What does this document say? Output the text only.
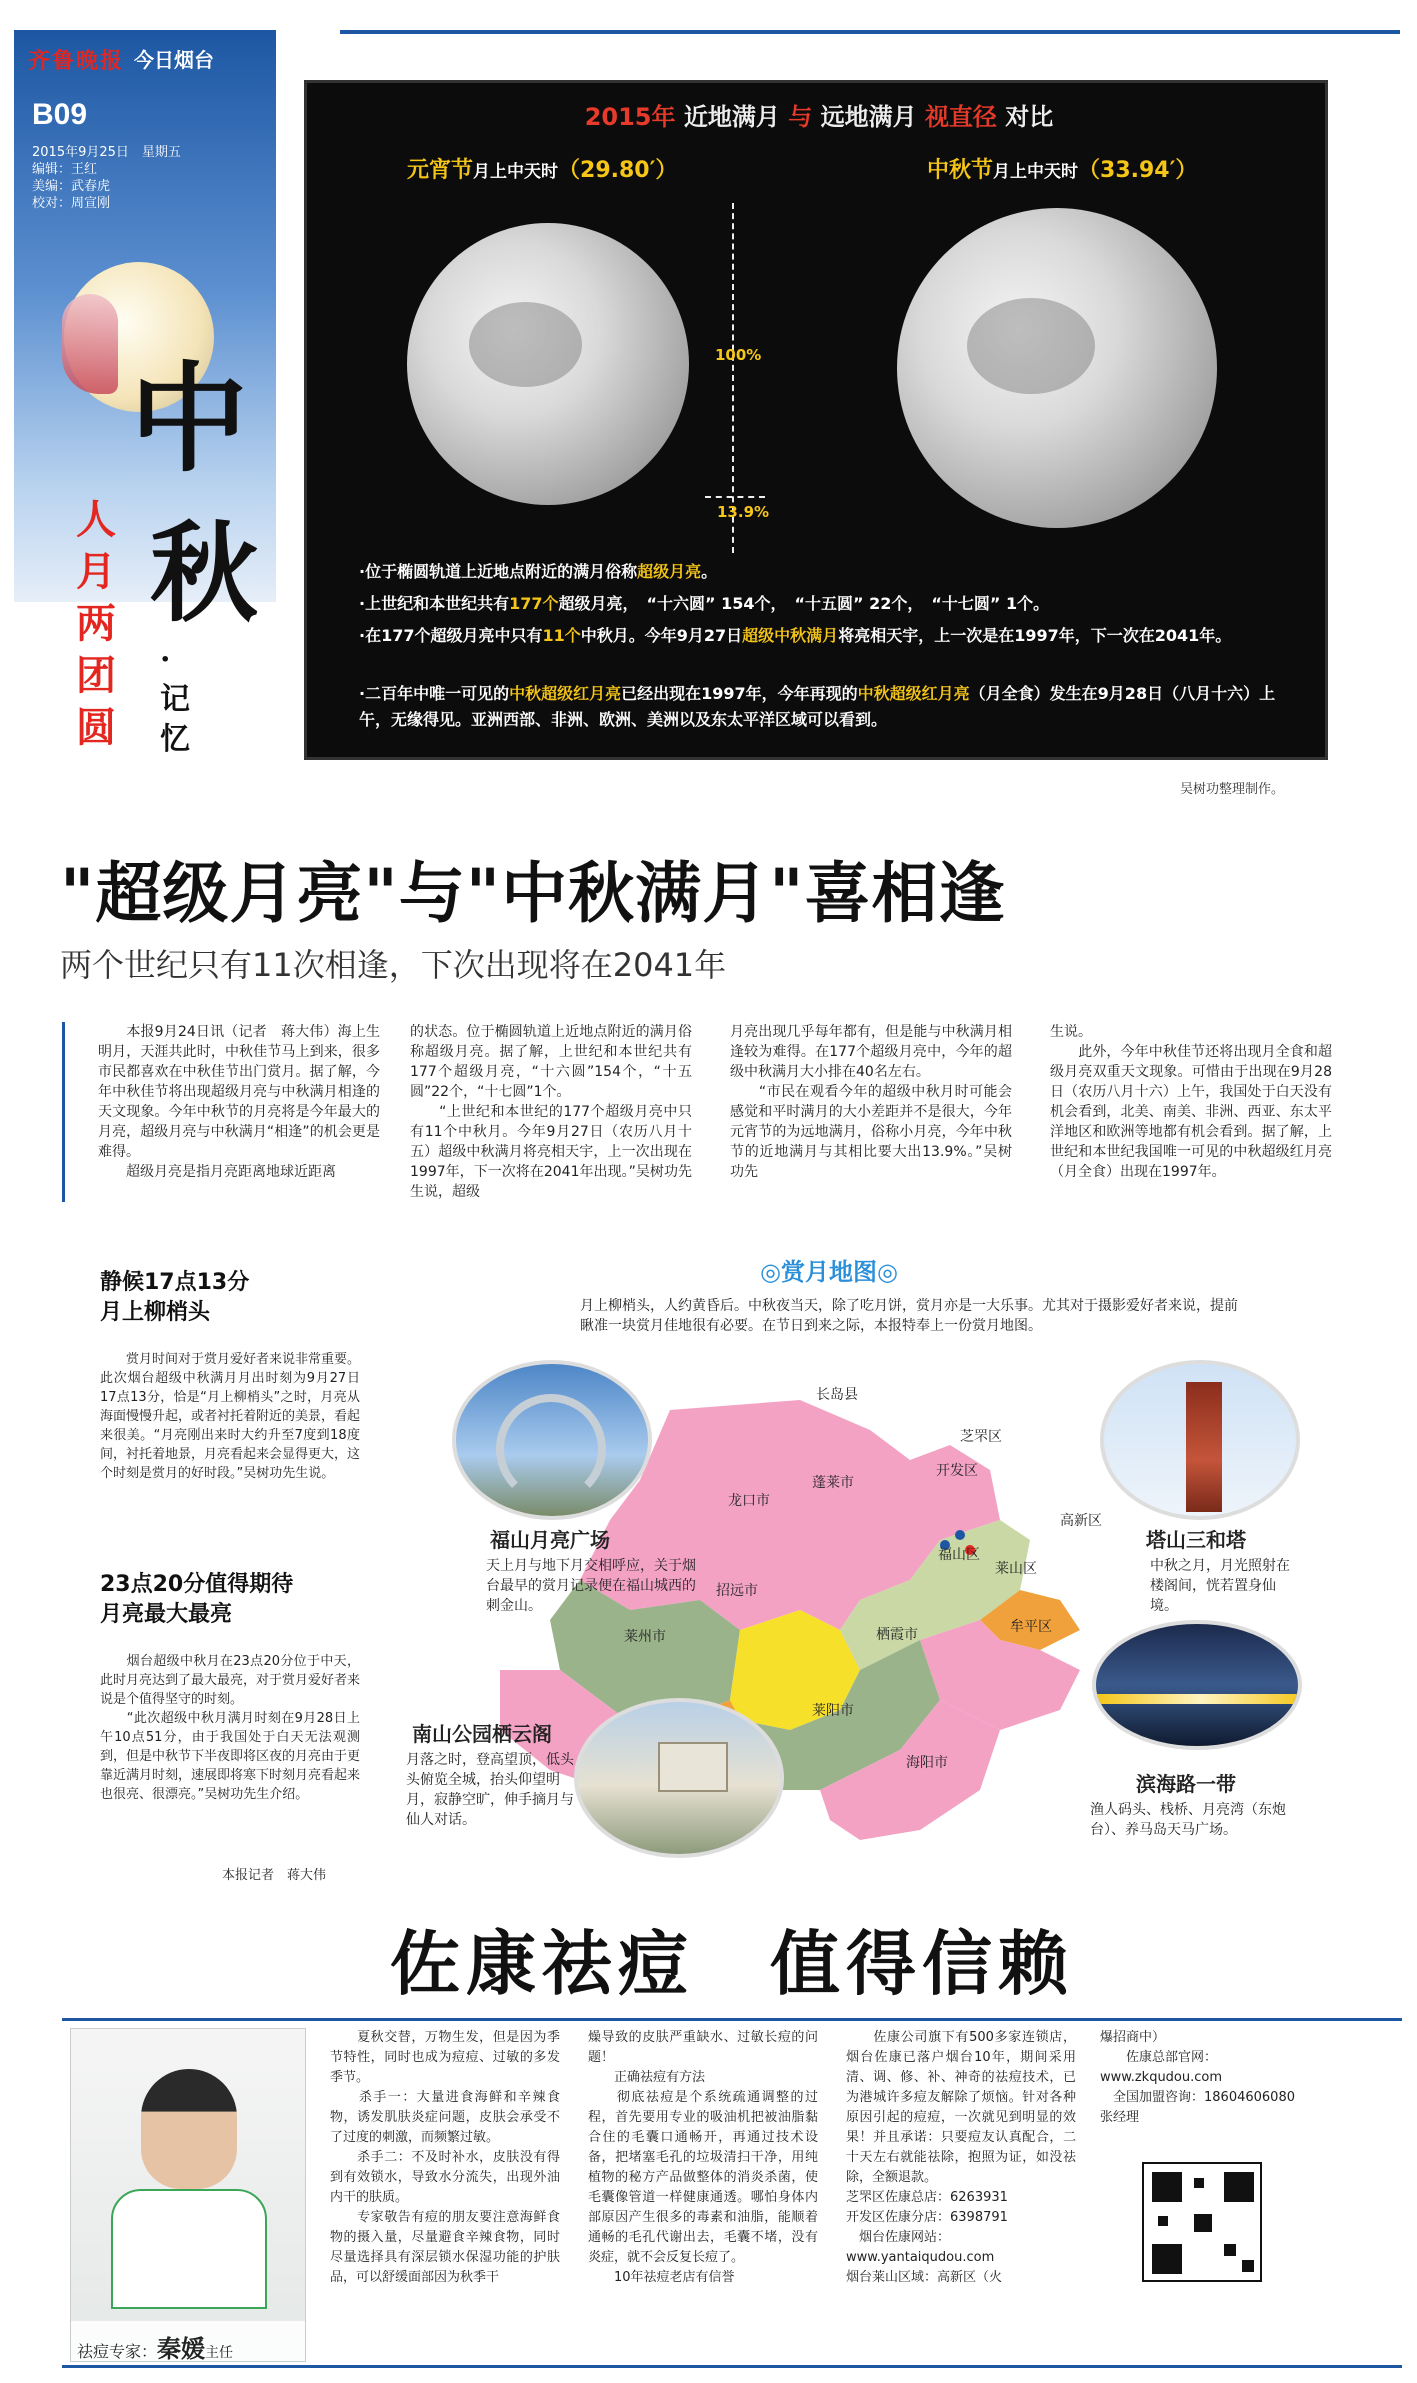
齐鲁晚报 今日烟台
B09
2015年9月25日　星期五
编辑：王红
美编：武春虎
校对：周宣刚
中
秋
·记忆
人月两团圆
2015年 近地满月 与 远地满月 视直径 对比
元宵节月上中天时（29.80′）	中秋节月上中天时（33.94′）
100%
13.9%
·位于椭圆轨道上近地点附近的满月俗称超级月亮。
·上世纪和本世纪共有177个超级月亮，　“十六圆” 154个，　“十五圆” 22个，　“十七圆” 1个。
·在177个超级月亮中只有11个中秋月。今年9月27日超级中秋满月将亮相天宇，上一次是在1997年，下一次在2041年。
·二百年中唯一可见的中秋超级红月亮已经出现在1997年，今年再现的中秋超级红月亮（月全食）发生在9月28日（八月十六）上午，无缘得见。亚洲西部、非洲、欧洲、美洲以及东太平洋区域可以看到。
吴树功整理制作。
"超级月亮"与"中秋满月"喜相逢
两个世纪只有11次相逢，下次出现将在2041年
　　本报9月24日讯（记者　蒋大伟）海上生明月，天涯共此时，中秋佳节马上到来，很多市民都喜欢在中秋佳节出门赏月。据了解，今年中秋佳节将出现超级月亮与中秋满月相逢的天文现象。今年中秋节的月亮将是今年最大的月亮，超级月亮与中秋满月“相逢”的机会更是难得。
　　超级月亮是指月亮距离地球近距离
的状态。位于椭圆轨道上近地点附近的满月俗称超级月亮。据了解，上世纪和本世纪共有177个超级月亮，“十六圆”154个，“十五圆”22个，“十七圆”1个。
　　“上世纪和本世纪的177个超级月亮中只有11个中秋月。今年9月27日（农历八月十五）超级中秋满月将亮相天宇，上一次出现在1997年，下一次将在2041年出现。”吴树功先生说，超级
月亮出现几乎每年都有，但是能与中秋满月相逢较为难得。在177个超级月亮中，今年的超级中秋满月大小排在40名左右。
　　“市民在观看今年的超级中秋月时可能会感觉和平时满月的大小差距并不是很大，今年元宵节的为远地满月，俗称小月亮，今年中秋节的近地满月与其相比要大出13.9%。”吴树功先
生说。
　　此外，今年中秋佳节还将出现月全食和超级月亮双重天文现象。可惜由于出现在9月28日（农历八月十六）上午，我国处于白天没有机会看到，北美、南美、非洲、西亚、东太平洋地区和欧洲等地都有机会看到。据了解，上世纪和本世纪我国唯一可见的中秋超级红月亮（月全食）出现在1997年。
静候17点13分
月上柳梢头
　　赏月时间对于赏月爱好者来说非常重要。此次烟台超级中秋满月月出时刻为9月27日17点13分，恰是“月上柳梢头”之时，月亮从海面慢慢升起，或者衬托着附近的美景，看起来很美。“月亮刚出来时大约升至7度到18度间，衬托着地景，月亮看起来会显得更大，这个时刻是赏月的好时段。”吴树功先生说。
23点20分值得期待
月亮最大最亮
　　烟台超级中秋月在23点20分位于中天，此时月亮达到了最大最亮，对于赏月爱好者来说是个值得坚守的时刻。
　　“此次超级中秋月满月时刻在9月28日上午10点51分，由于我国处于白天无法观测到，但是中秋节下半夜即将区夜的月亮由于更靠近满月时刻，速展即将寒下时刻月亮看起来也很亮、很漂亮。”吴树功先生介绍。
本报记者　蒋大伟
◎赏月地图◎
月上柳梢头，人约黄昏后。中秋夜当天，除了吃月饼，赏月亦是一大乐事。尤其对于摄影爱好者来说，提前瞅准一块赏月佳地很有必要。在节日到来之际，本报特奉上一份赏月地图。
长岛县
芝罘区
开发区
蓬莱市
龙口市
福山区
莱山区
高新区
招远市
栖霞市	牟平区
莱州市
莱阳市
海阳市
福山月亮广场
天上月与地下月交相呼应，关于烟台最早的赏月记录便在福山城西的刺金山。
塔山三和塔
中秋之月，月光照射在楼阁间，恍若置身仙境。
南山公园栖云阁
月落之时，登高望顶，低头头俯览全城，抬头仰望明月，寂静空旷，伸手摘月与仙人对话。
滨海路一带
渔人码头、栈桥、月亮湾（东炮台）、养马岛天马广场。
佐康祛痘　值得信赖
祛痘专家：秦媛主任
　　夏秋交替，万物生发，但是因为季节特性，同时也成为痘痘、过敏的多发季节。
　　杀手一：大量进食海鲜和辛辣食物，诱发肌肤炎症问题，皮肤会承受不了过度的刺激，而频繁过敏。
　　杀手二：不及时补水，皮肤没有得到有效锁水，导致水分流失，出现外油内干的肤质。
　　专家敬告有痘的朋友要注意海鲜食物的摄入量，尽量避食辛辣食物，同时尽量选择具有深层锁水保湿功能的护肤品，可以舒缓面部因为秋季干
燥导致的皮肤严重缺水、过敏长痘的问题！
　　正确祛痘有方法
　　彻底祛痘是个系统疏通调整的过程，首先要用专业的吸油机把被油脂黏合住的毛囊口通畅开，再通过技术设备，把堵塞毛孔的垃圾清扫干净，用纯植物的秘方产品做整体的消炎杀菌，使毛囊像管道一样健康通透。哪怕身体内部原因产生很多的毒素和油脂，能顺着通畅的毛孔代谢出去，毛囊不堵，没有炎症，就不会反复长痘了。
　　10年祛痘老店有信誉
　　佐康公司旗下有500多家连锁店，烟台佐康已落户烟台10年，期间采用清、调、修、补、神奇的祛痘技术，已为港城许多痘友解除了烦恼。针对各种原因引起的痘痘，一次就见到明显的效果！并且承诺：只要痘友认真配合，二十天左右就能祛除，抱照为证，如没祛除，全额退款。
芝罘区佐康总店：6263931
开发区佐康分店：6398791
　烟台佐康网站：
www.yantaiqudou.com
烟台莱山区域：高新区（火
爆招商中）
　　佐康总部官网：
www.zkqudou.com
　全国加盟咨询：18604606080
张经理
